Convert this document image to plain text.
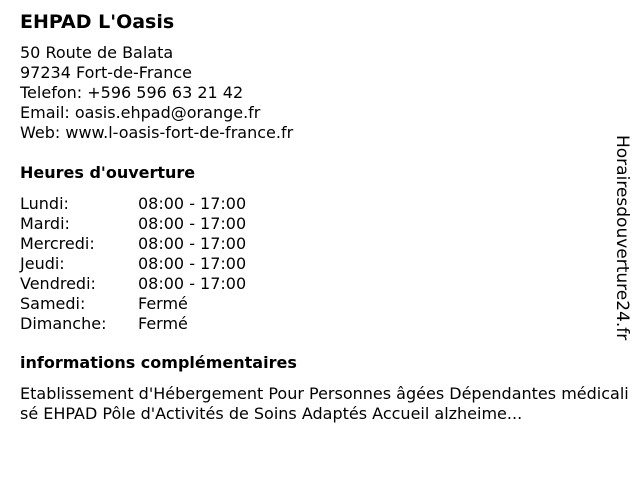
EHPAD L'Oasis
50 Route de Balata
97234 Fort-de-France
Telefon: +596 596 63 21 42
Email: oasis.ehpad@orange.fr
Web: www.l-oasis-fort-de-france.fr
Heures d'ouverture
Lundi:	08:00 - 17:00
Mardi:	08:00 - 17:00
Mercredi:	08:00 - 17:00
Jeudi:	08:00 - 17:00
Vendredi:	08:00 - 17:00
Samedi:	Fermé
Dimanche:	Fermé
informations complémentaires
Etablissement d'Hébergement Pour Personnes âgées Dépendantes médicalisé EHPAD Pôle d'Activités de Soins Adaptés Accueil alzheime...
Horairesdouverture24.fr
